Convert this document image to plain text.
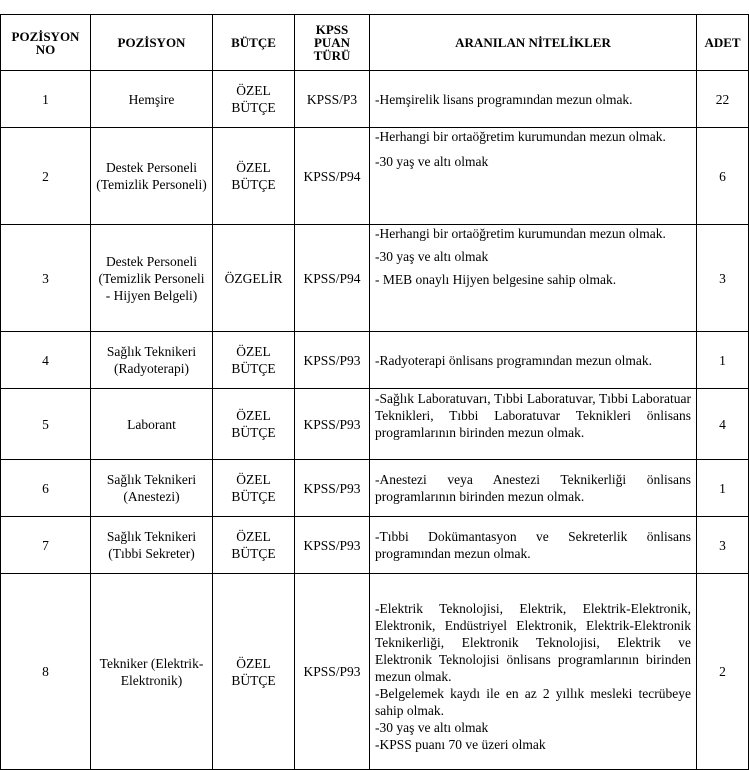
POZİSYON NO	POZİSYON	BÜTÇE	KPSS PUAN TÜRÜ	ARANILAN NİTELİKLER	ADET
1	Hemşire	ÖZEL BÜTÇE	KPSS/P3	-Hemşirelik lisans programından mezun olmak.	22
2	Destek Personeli (Temizlik Personeli)	ÖZEL BÜTÇE	KPSS/P94	-Herhangi bir ortaöğretim kurumundan mezun olmak.
-30 yaş ve altı olmak	6
3	Destek Personeli (Temizlik Personeli - Hijyen Belgeli)	ÖZGELİR	KPSS/P94	-Herhangi bir ortaöğretim kurumundan mezun olmak.
-30 yaş ve altı olmak
- MEB onaylı Hijyen belgesine sahip olmak.	3
4	Sağlık Teknikeri (Radyoterapi)	ÖZEL BÜTÇE	KPSS/P93	-Radyoterapi önlisans programından mezun olmak.	1
5	Laborant	ÖZEL BÜTÇE	KPSS/P93	-Sağlık Laboratuvarı, Tıbbi Laboratuvar, Tıbbi Laboratuar Teknikleri, Tıbbi Laboratuvar Teknikleri önlisans programlarının birinden mezun olmak.	4
6	Sağlık Teknikeri (Anestezi)	ÖZEL BÜTÇE	KPSS/P93	-Anestezi veya Anestezi Teknikerliği önlisans programlarının birinden mezun olmak.	1
7	Sağlık Teknikeri (Tıbbi Sekreter)	ÖZEL BÜTÇE	KPSS/P93	-Tıbbi Dokümantasyon ve Sekreterlik önlisans programından mezun olmak.	3
8	Tekniker (Elektrik-Elektronik)	ÖZEL BÜTÇE	KPSS/P93	-Elektrik Teknolojisi, Elektrik, Elektrik-Elektronik, Elektronik, Endüstriyel Elektronik, Elektrik-Elektronik Teknikerliği, Elektronik Teknolojisi, Elektrik ve Elektronik Teknolojisi önlisans programlarının birinden mezun olmak.
-Belgelemek kaydı ile en az 2 yıllık mesleki tecrübeye sahip olmak.
-30 yaş ve altı olmak
-KPSS puanı 70 ve üzeri olmak	2
